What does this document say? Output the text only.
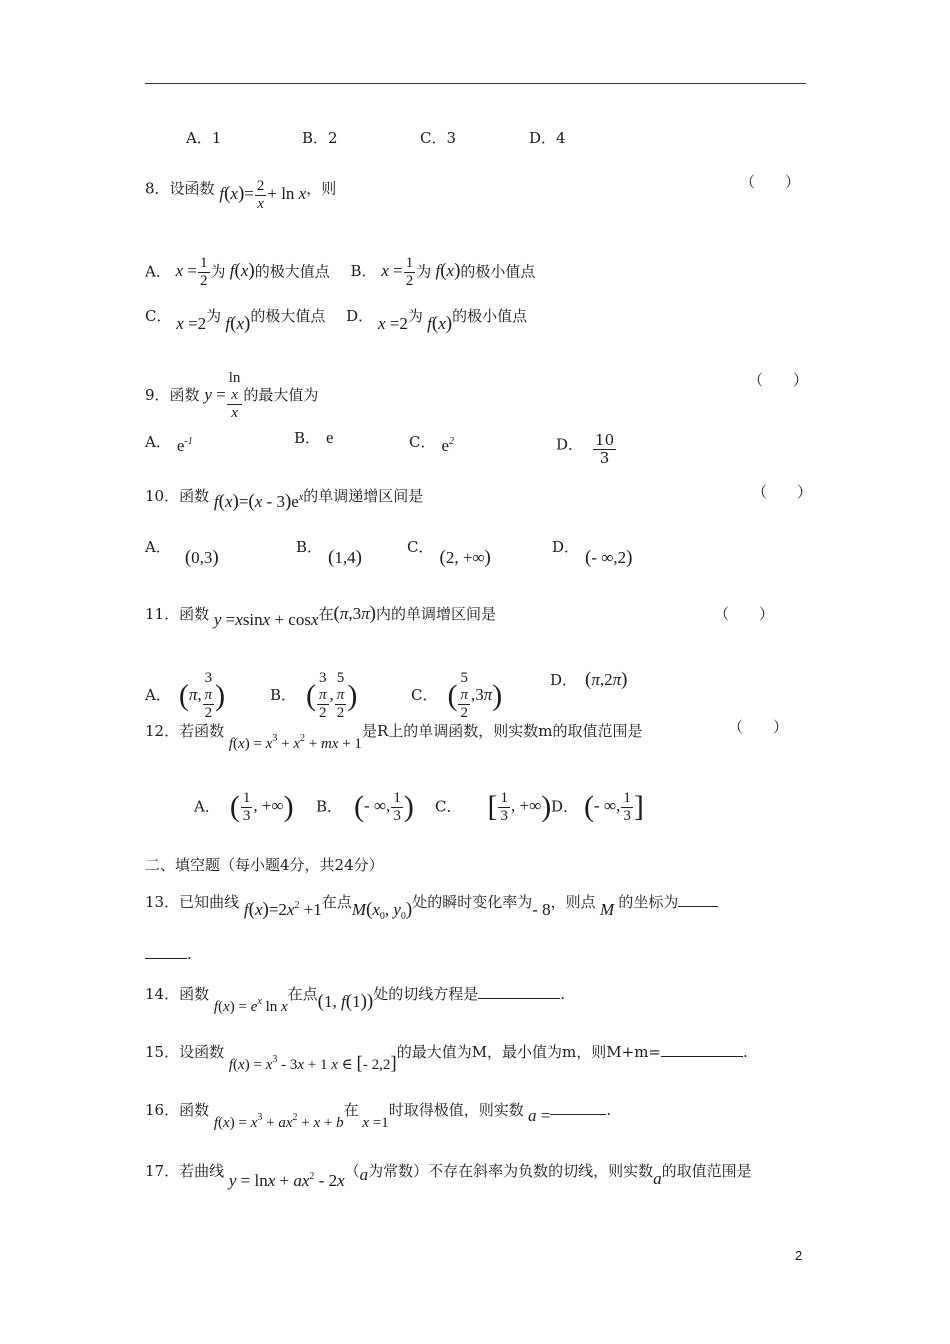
A．1	B．2	C．3	D．4
8．设函数 $f(x)= \frac{2}{x} + \ln x$，则	（　　）
A． $x = \frac{1}{2}$ 为 f(x)的极大值点 B． $x = \frac{1}{2}$ 为 f(x)的极小值点
C． x =2为 f(x)的极大值点 D． x =2为 f(x)的极小值点
9．函数 y = ln
x
x 的最大值为
（　　）
A． $e^{-1}$	B． e	C． $e^2$	D． $\frac{10}{3}$
10．函数 $f(x)=(x - 3)e^x$的单调递增区间是	（　　）
A． (0,3)	B． (1,4)	C． (2, +∞)	D． (- ∞,2)
11．函数 y =xsinx + cosx在(π,3π)内的单调增区间是	（　　）
A． (π, 3
π
2 )	B． ( 3
π
2 , 5
π
2 )	C． ( 5
π
2 ,3π)	D． (π,2π)
12．若函数 $f(x) = x^3 + x^2$ + mx + 1是R上的单调函数，则实数m的取值范围是	（　　）
A． ( $\frac{1}{3}$ , +∞) B． (- ∞, $\frac{1}{3}$ ) C． [ $\frac{1}{3}$ , +∞) D． (- ∞, $\frac{1}{3}$ ]
二、填空题（每小题4分，共24分）
13．已知曲线 $f(x)=2x^2 +1$在点$M(x_0$, $y_0$)处的瞬时变化率为- 8，则点 M 的坐标为
.
14．函数 $f(x) = e^x$ ln x在点(1, f(1))处的切线方程是	.
15．设函数 $f(x) = x^3 - 3x + 1$ x ∈ [- 2,2]的最大值为M，最小值为m，则M+m=	.
16．函数 $f(x) = x^3 + ax^2 + x + b$在 x =1时取得极值，则实数 a =	.
17．若曲线 $y = \ln x + ax^2 - 2x(a$为常数）不存在斜率为负数的切线，则实数a的取值范围是
2
